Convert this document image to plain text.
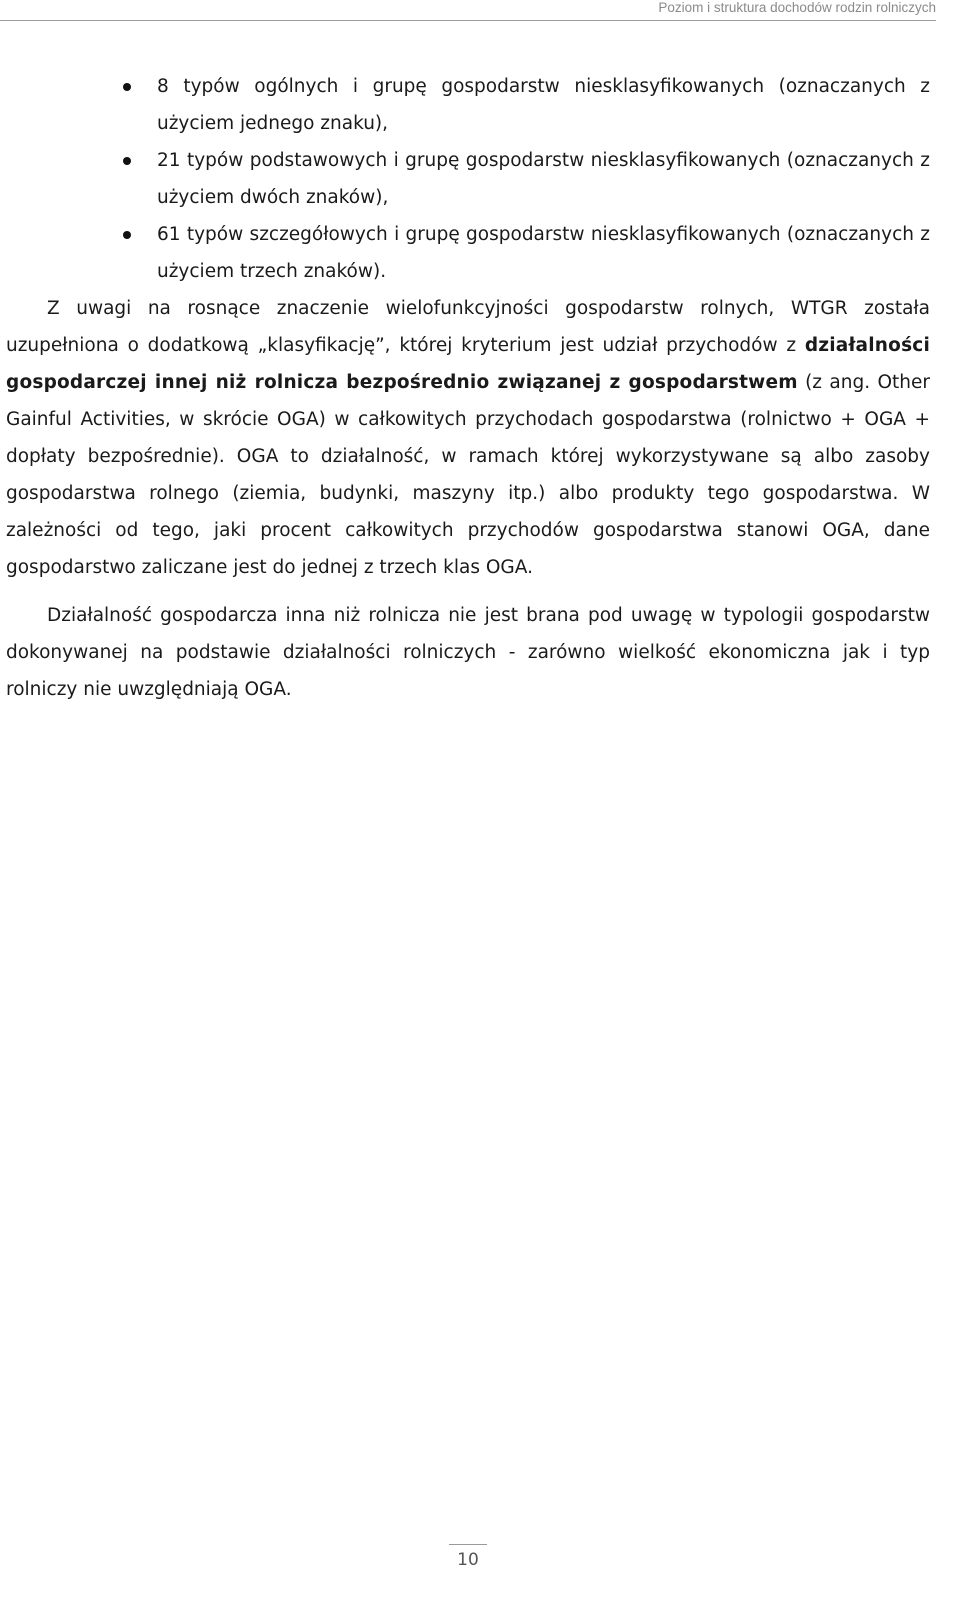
Poziom i struktura dochodów rodzin rolniczych
8 typów ogólnych i grupę gospodarstw niesklasyfikowanych (oznaczanych z użyciem jednego znaku),
21 typów podstawowych i grupę gospodarstw niesklasyfikowanych (oznaczanych z użyciem dwóch znaków),
61 typów szczegółowych i grupę gospodarstw niesklasyfikowanych (oznaczanych z użyciem trzech znaków).

Z uwagi na rosnące znaczenie wielofunkcyjności gospodarstw rolnych, WTGR została uzupełniona o dodatkową „klasyfikację”, której kryterium jest udział przychodów z działalności gospodarczej innej niż rolnicza bezpośrednio związanej z gospodarstwem (z ang. Other Gainful Activities, w skrócie OGA) w całkowitych przychodach gospodarstwa (rolnictwo + OGA + dopłaty bezpośrednie). OGA to działalność, w ramach której wykorzystywane są albo zasoby gospodarstwa rolnego (ziemia, budynki, maszyny itp.) albo produkty tego gospodarstwa. W zależności od tego, jaki procent całkowitych przychodów gospodarstwa stanowi OGA, dane gospodarstwo zaliczane jest do jednej z trzech klas OGA.

Działalność gospodarcza inna niż rolnicza nie jest brana pod uwagę w typologii gospodarstw dokonywanej na podstawie działalności rolniczych - zarówno wielkość ekonomiczna jak i typ rolniczy nie uwzględniają OGA.

10
